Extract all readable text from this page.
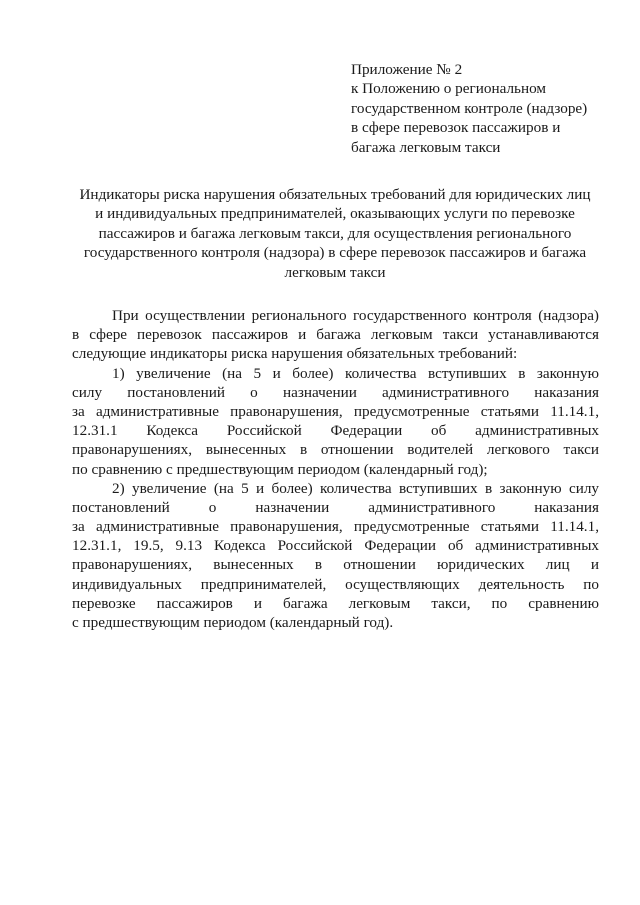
Приложение № 2
к Положению о региональном
государственном контроле (надзоре)
в сфере перевозок пассажиров и
багажа легковым такси
Индикаторы риска нарушения обязательных требований для юридических лиц
и индивидуальных предпринимателей, оказывающих услуги по перевозке
пассажиров и багажа легковым такси, для осуществления регионального
государственного контроля (надзора) в сфере перевозок пассажиров и багажа
легковым такси
При осуществлении регионального государственного контроля (надзора)
в сфере перевозок пассажиров и багажа легковым такси устанавливаются
следующие индикаторы риска нарушения обязательных требований:
1) увеличение (на 5 и более) количества вступивших в законную
силу постановлений о назначении административного наказания
за административные правонарушения, предусмотренные статьями 11.14.1,
12.31.1 Кодекса Российской Федерации об административных
правонарушениях, вынесенных в отношении водителей легкового такси
по сравнению с предшествующим периодом (календарный год);
2) увеличение (на 5 и более) количества вступивших в законную силу
постановлений о назначении административного наказания
за административные правонарушения, предусмотренные статьями 11.14.1,
12.31.1, 19.5, 9.13 Кодекса Российской Федерации об административных
правонарушениях, вынесенных в отношении юридических лиц и
индивидуальных предпринимателей, осуществляющих деятельность по
перевозке пассажиров и багажа легковым такси, по сравнению
с предшествующим периодом (календарный год).
